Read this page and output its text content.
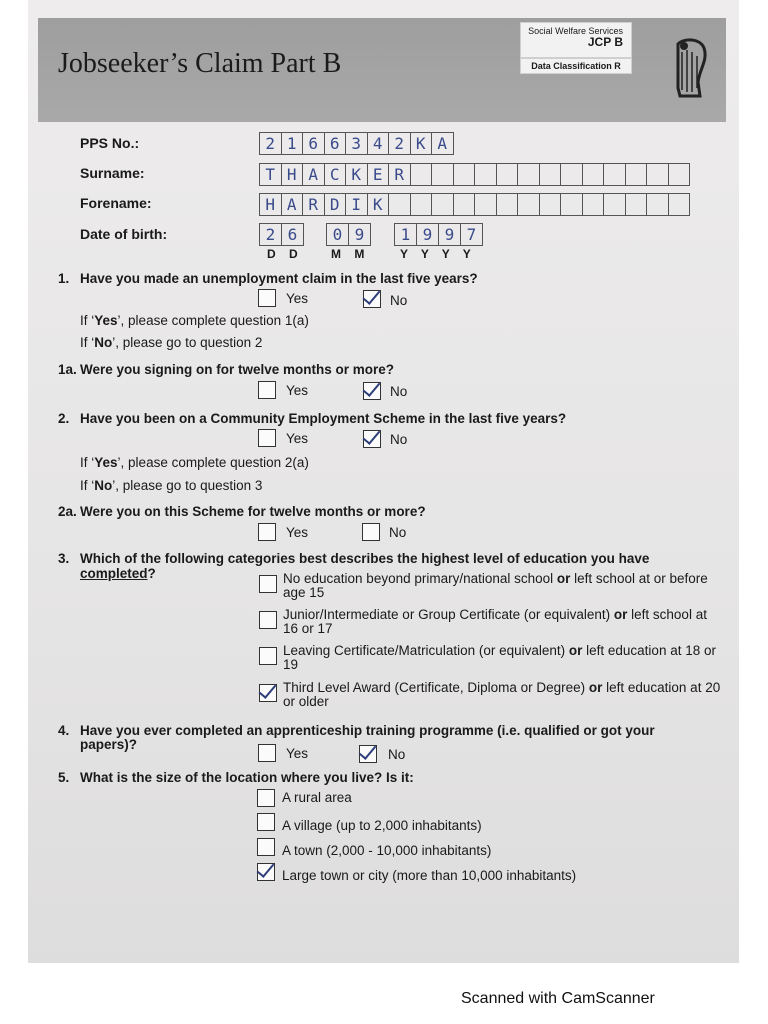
Jobseeker’s Claim Part B
Social Welfare Services
JCP B
Data Classification R
PPS No.:	2 1 6 6 3 4 2 K A
Surname:	T H A C K E R
Forename:	H A R D I K
Date of birth:	2 6	0 9	1 9 9 7
D D M M	Y Y Y Y
1. Have you made an unemployment claim in the last five years?
Yes	No
If ‘Yes’, please complete question 1(a)
If ‘No’, please go to question 2
1a. Were you signing on for twelve months or more?
Yes	No
2. Have you been on a Community Employment Scheme in the last five years?
Yes	No
If ‘Yes’, please complete question 2(a)
If ‘No’, please go to question 3
2a. Were you on this Scheme for twelve months or more?
Yes	No
3. Which of the following categories best describes the highest level of education you have
completed?	No education beyond primary/national school or left school at or before age 15
Junior/Intermediate or Group Certificate (or equivalent) or left school at 16 or 17
Leaving Certificate/Matriculation (or equivalent) or left education at 18 or 19
Third Level Award (Certificate, Diploma or Degree) or left education at 20 or older
4. Have you ever completed an apprenticeship training programme (i.e. qualified or got your
papers)?
Yes	No
5. What is the size of the location where you live? Is it:
A rural area
A village (up to 2,000 inhabitants)
A town (2,000 - 10,000 inhabitants)
Large town or city (more than 10,000 inhabitants)
Scanned with CamScanner
